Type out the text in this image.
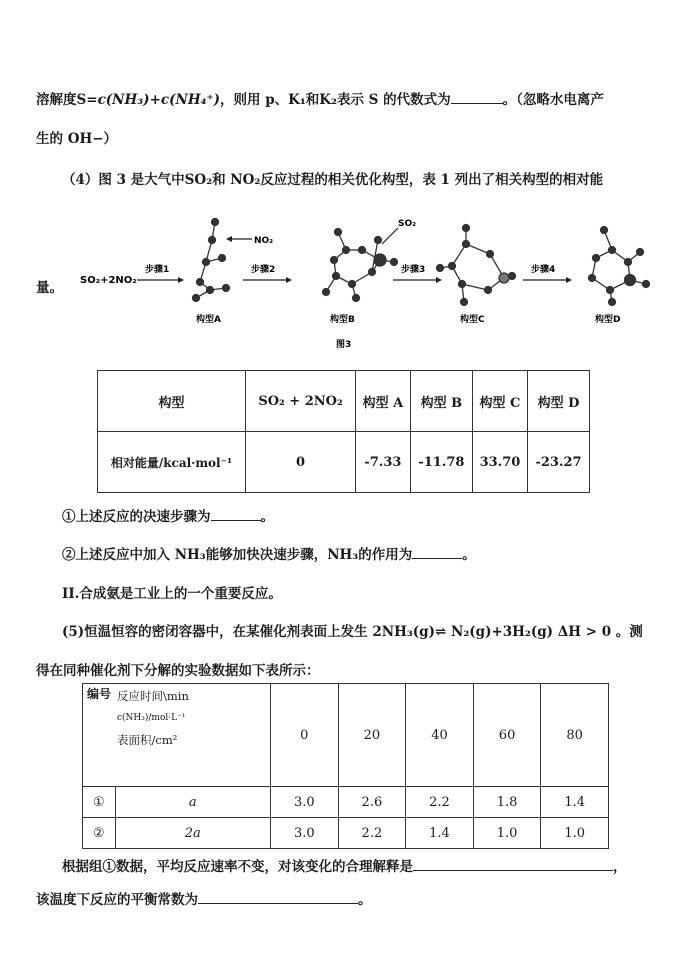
溶解度S=c(NH₃)+c(NH₄⁺)，则用 p、K₁和K₂表示 S 的代数式为	。（忽略水电离产
生的 OH−）
（4）图 3 是大气中SO₂和 NO₂反应过程的相关优化构型，表 1 列出了相关构型的相对能
量。 SO₂+2NO₂
步骤1	步骤2	步骤3	步骤4
NO₂
SO₂
构型A	构型B	构型C	构型D
图3
构型	SO₂ + 2NO₂	构型 A	构型 B	构型 C	构型 D
相对能量/kcal·mol⁻¹	0	-7.33	-11.78	33.70	-23.27
①上述反应的决速步骤为	。
②上述反应中加入 NH₃能够加快决速步骤，NH₃的作用为	。
II.合成氨是工业上的一个重要反应。
(5)恒温恒容的密闭容器中，在某催化剂表面上发生 2NH₃(g)⇌ N₂(g)+3H₂(g) ΔH > 0 。测
得在同种催化剂下分解的实验数据如下表所示：
编号	反应时间\min
c(NH₃)/mol·L⁻¹
表面积/cm²	0	20	40	60	80
①	a	3.0	2.6	2.2	1.8	1.4
②	2a	3.0	2.2	1.4	1.0	1.0
根据组①数据，平均反应速率不变，对该变化的合理解释是	，
该温度下反应的平衡常数为	。
